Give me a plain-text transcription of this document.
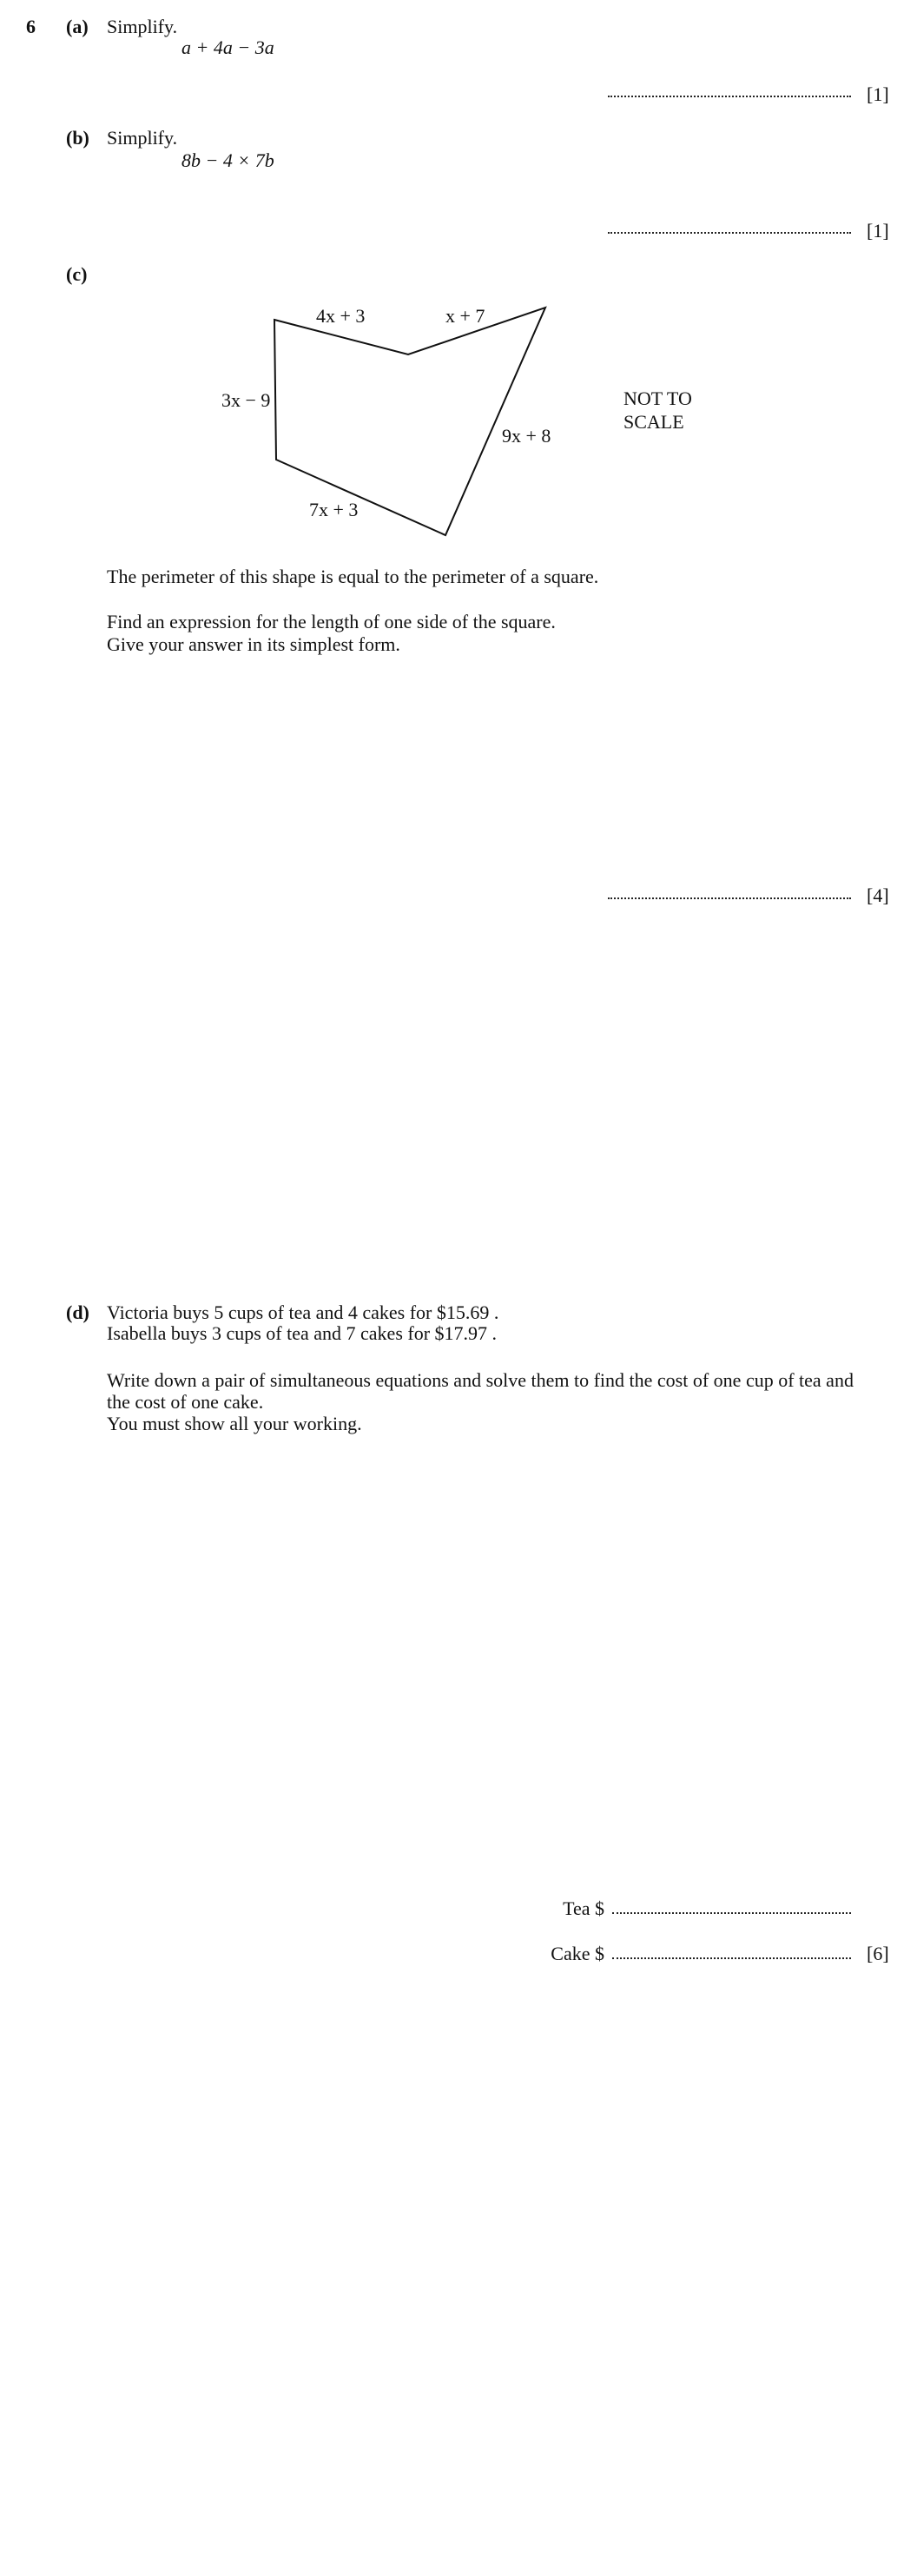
6 (a) Simplify.
a + 4a − 3a
[1]
(b) Simplify.
8b − 4 × 7b
[1]
(c)
4x + 3	x + 7
3x − 9
9x + 8
7x + 3
NOT TO
SCALE
The perimeter of this shape is equal to the perimeter of a square.
Find an expression for the length of one side of the square.
Give your answer in its simplest form.
[4]
(d) Victoria buys 5 cups of tea and 4 cakes for $15.69 .
Isabella buys 3 cups of tea and 7 cakes for $17.97 .
Write down a pair of simultaneous equations and solve them to find the cost of one cup of tea and
the cost of one cake.
You must show all your working.
Tea $
Cake $	[6]
